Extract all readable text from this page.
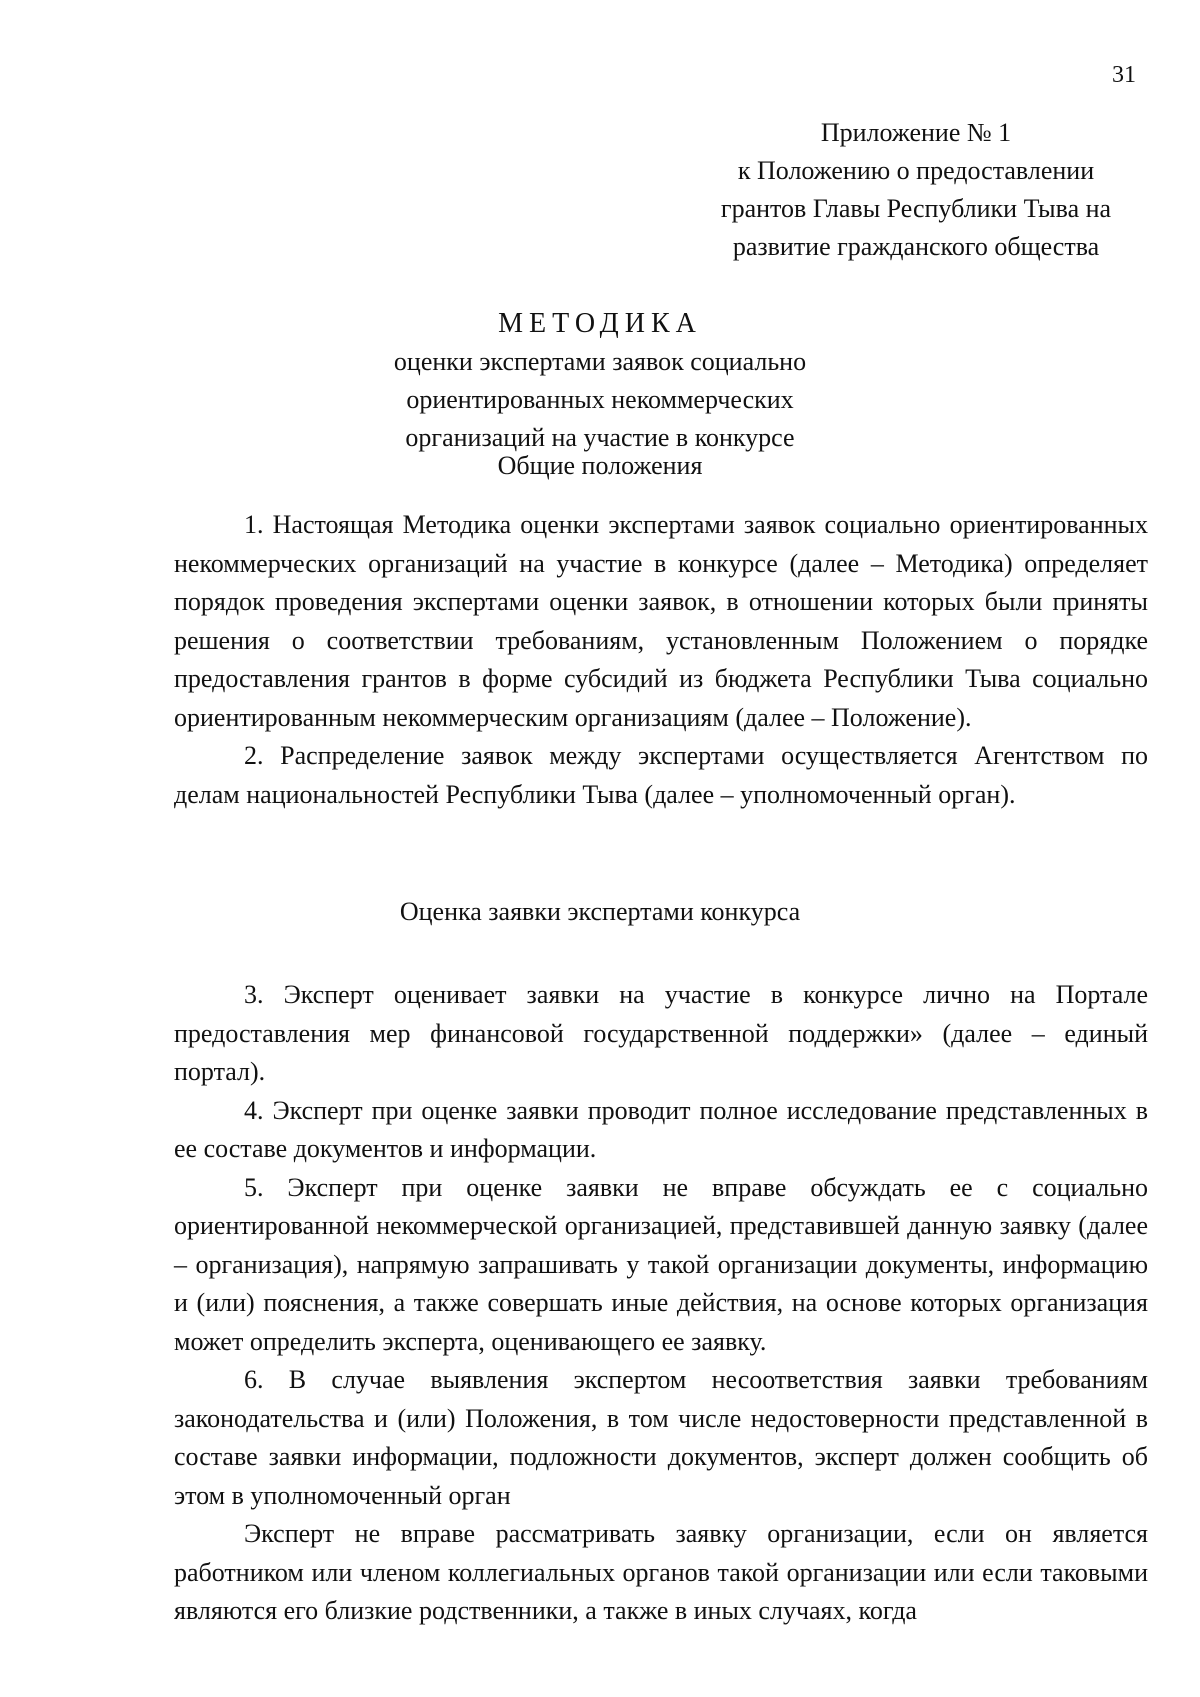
31
Приложение № 1
к Положению о предоставлении
грантов Главы Республики Тыва на
развитие гражданского общества
МЕТОДИКА
оценки экспертами заявок социально
ориентированных некоммерческих
организаций на участие в конкурсе
Общие положения

1. Настоящая Методика оценки экспертами заявок социально ориентированных некоммерческих организаций на участие в конкурсе (далее – Методика) определяет порядок проведения экспертами оценки заявок, в отношении которых были приняты решения о соответствии требованиям, установленным Положением о порядке предоставления грантов в форме субсидий из бюджета Республики Тыва социально ориентированным некоммерческим организациям (далее – Положение).

2. Распределение заявок между экспертами осуществляется Агентством по делам национальностей Республики Тыва (далее – уполномоченный орган).

Оценка заявки экспертами конкурса

3. Эксперт оценивает заявки на участие в конкурсе лично на Портале предоставления мер финансовой государственной поддержки» (далее – единый портал).

4. Эксперт при оценке заявки проводит полное исследование представленных в ее составе документов и информации.

5. Эксперт при оценке заявки не вправе обсуждать ее с социально ориентированной некоммерческой организацией, представившей данную заявку (далее – организация), напрямую запрашивать у такой организации документы, информацию и (или) пояснения, а также совершать иные действия, на основе которых организация может определить эксперта, оценивающего ее заявку.

6. В случае выявления экспертом несоответствия заявки требованиям законодательства и (или) Положения, в том числе недостоверности представленной в составе заявки информации, подложности документов, эксперт должен сообщить об этом в уполномоченный орган

Эксперт не вправе рассматривать заявку организации, если он является работником или членом коллегиальных органов такой организации или если таковыми являются его близкие родственники, а также в иных случаях, когда
